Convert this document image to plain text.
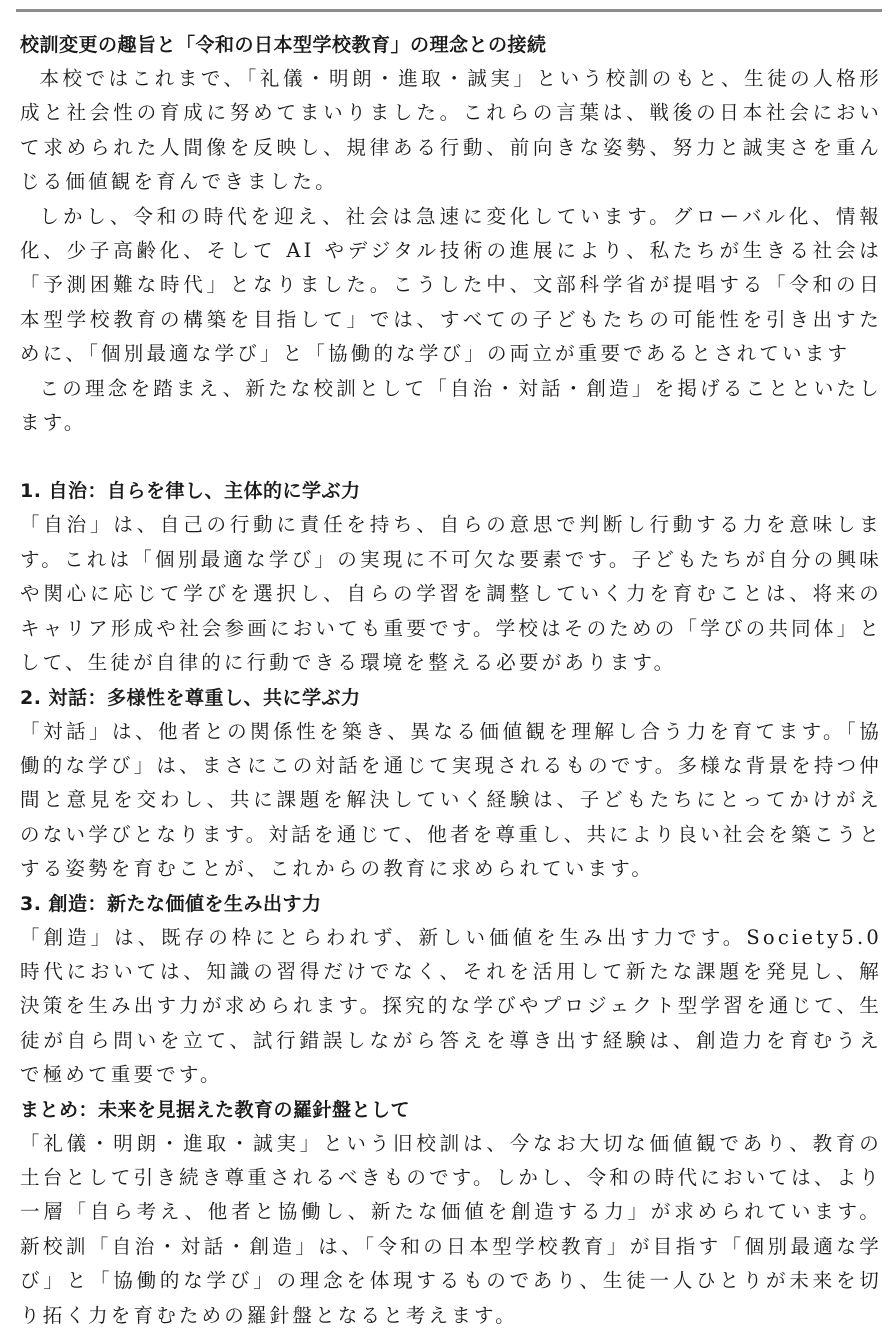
校訓変更の趣旨と「令和の日本型学校教育」の理念との接続

本校ではこれまで、「礼儀・明朗・進取・誠実」という校訓のもと、生徒の人格形成と社会性の育成に努めてまいりました。これらの言葉は、戦後の日本社会において求められた人間像を反映し、規律ある行動、前向きな姿勢、努力と誠実さを重んじる価値観を育んできました。

しかし、令和の時代を迎え、社会は急速に変化しています。グローバル化、情報化、少子高齢化、そして AI やデジタル技術の進展により、私たちが生きる社会は「予測困難な時代」となりました。こうした中、文部科学省が提唱する「令和の日本型学校教育の構築を目指して」では、すべての子どもたちの可能性を引き出すために、「個別最適な学び」と「協働的な学び」の両立が重要であるとされています

この理念を踏まえ、新たな校訓として「自治・対話・創造」を掲げることといたします。

1. 自治：自らを律し、主体的に学ぶ力

「自治」は、自己の行動に責任を持ち、自らの意思で判断し行動する力を意味します。これは「個別最適な学び」の実現に不可欠な要素です。子どもたちが自分の興味や関心に応じて学びを選択し、自らの学習を調整していく力を育むことは、将来のキャリア形成や社会参画においても重要です。学校はそのための「学びの共同体」として、生徒が自律的に行動できる環境を整える必要があります。

2. 対話：多様性を尊重し、共に学ぶ力

「対話」は、他者との関係性を築き、異なる価値観を理解し合う力を育てます。「協働的な学び」は、まさにこの対話を通じて実現されるものです。多様な背景を持つ仲間と意見を交わし、共に課題を解決していく経験は、子どもたちにとってかけがえのない学びとなります。対話を通じて、他者を尊重し、共により良い社会を築こうとする姿勢を育むことが、これからの教育に求められています。

3. 創造：新たな価値を生み出す力

「創造」は、既存の枠にとらわれず、新しい価値を生み出す力です。Society5.0 時代においては、知識の習得だけでなく、それを活用して新たな課題を発見し、解決策を生み出す力が求められます。探究的な学びやプロジェクト型学習を通じて、生徒が自ら問いを立て、試行錯誤しながら答えを導き出す経験は、創造力を育むうえで極めて重要です。

まとめ：未来を見据えた教育の羅針盤として

「礼儀・明朗・進取・誠実」という旧校訓は、今なお大切な価値観であり、教育の土台として引き続き尊重されるべきものです。しかし、令和の時代においては、より一層「自ら考え、他者と協働し、新たな価値を創造する力」が求められています。新校訓「自治・対話・創造」は、「令和の日本型学校教育」が目指す「個別最適な学び」と「協働的な学び」の理念を体現するものであり、生徒一人ひとりが未来を切り拓く力を育むための羅針盤となると考えます。
